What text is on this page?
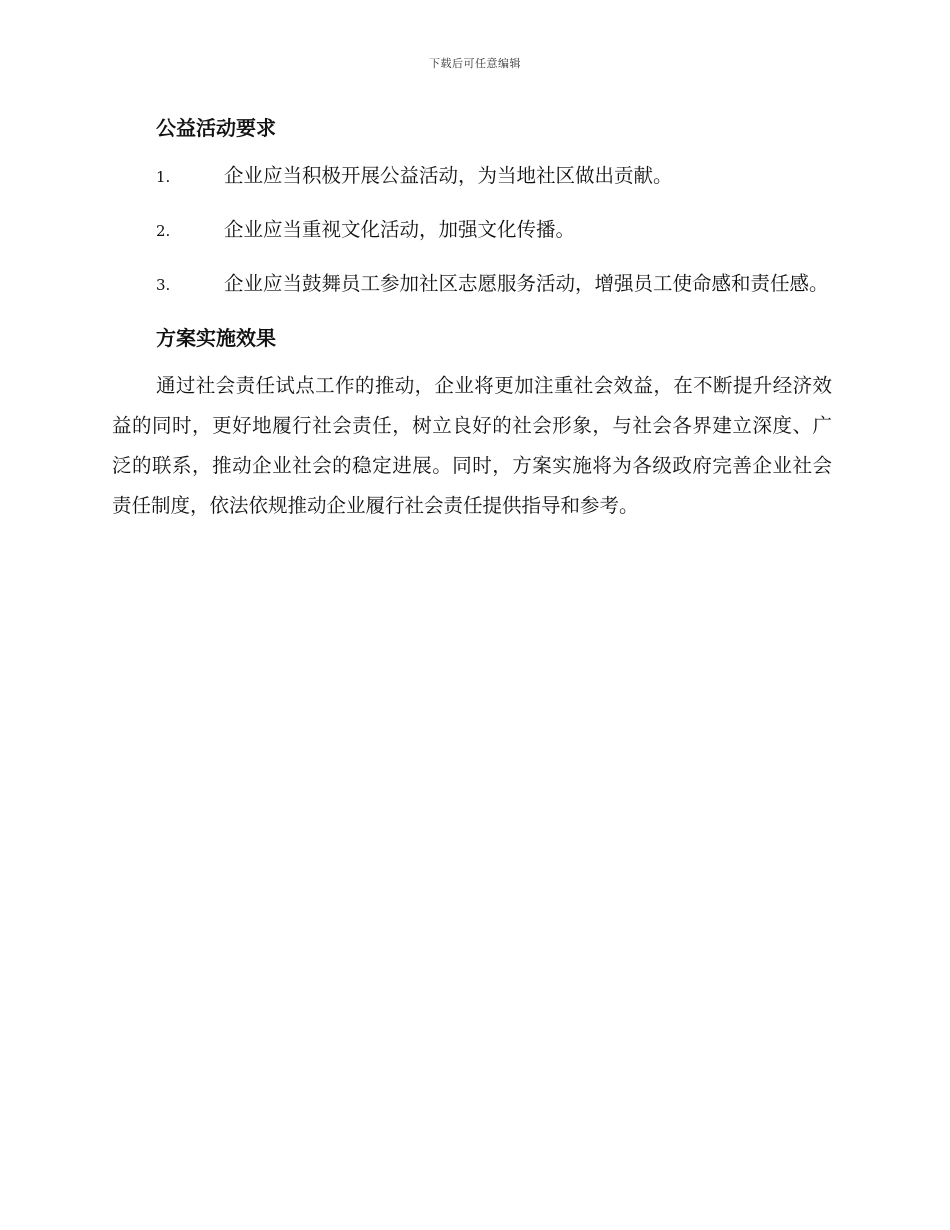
下载后可任意编辑
公益活动要求
1.	企业应当积极开展公益活动，为当地社区做出贡献。
2.	企业应当重视文化活动，加强文化传播。
3.	企业应当鼓舞员工参加社区志愿服务活动，增强员工使命感和责任感。
方案实施效果

通过社会责任试点工作的推动，企业将更加注重社会效益，在不断提升经济效益的同时，更好地履行社会责任，树立良好的社会形象，与社会各界建立深度、广泛的联系，推动企业社会的稳定进展。同时，方案实施将为各级政府完善企业社会责任制度，依法依规推动企业履行社会责任提供指导和参考。
